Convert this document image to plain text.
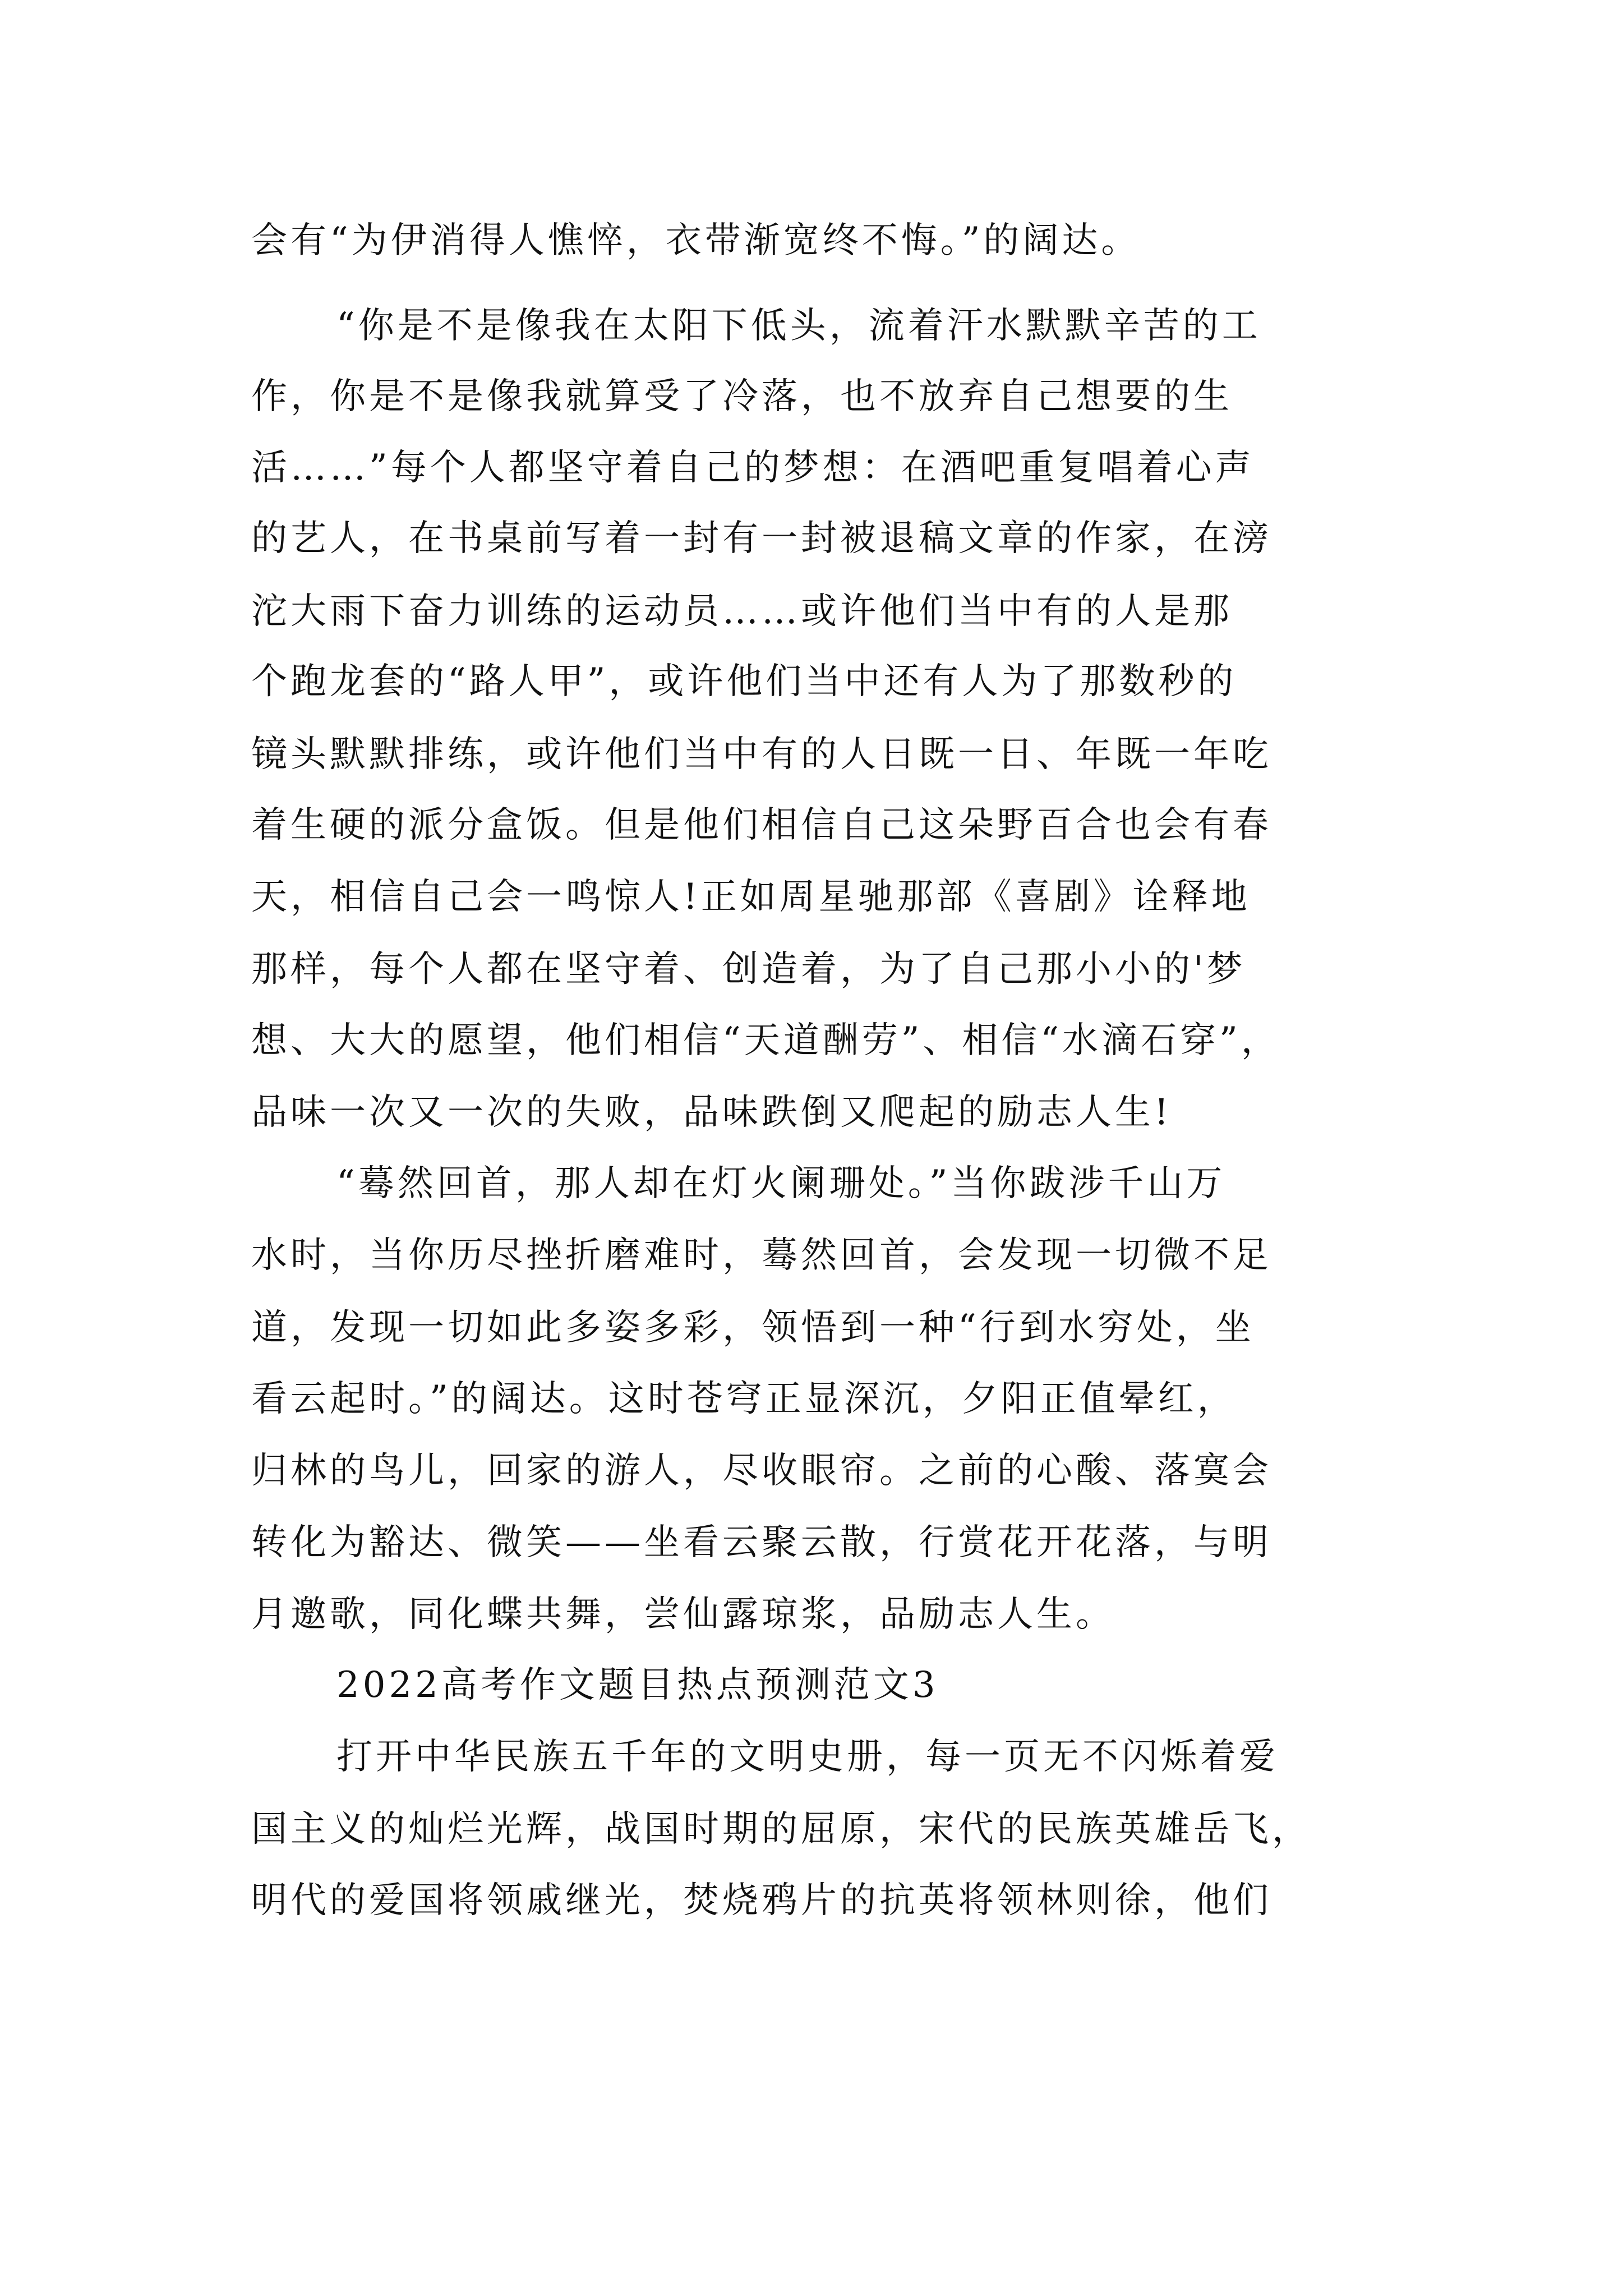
会有“为伊消得人憔悴，衣带渐宽终不悔。”的阔达。
“你是不是像我在太阳下低头，流着汗水默默辛苦的工
作，你是不是像我就算受了冷落，也不放弃自己想要的生
活……”每个人都坚守着自己的梦想：在酒吧重复唱着心声
的艺人，在书桌前写着一封有一封被退稿文章的作家，在滂
沱大雨下奋力训练的运动员……或许他们当中有的人是那
个跑龙套的“路人甲”，或许他们当中还有人为了那数秒的
镜头默默排练，或许他们当中有的人日既一日、年既一年吃
着生硬的派分盒饭。但是他们相信自己这朵野百合也会有春
天，相信自己会一鸣惊人!正如周星驰那部《喜剧》诠释地
那样，每个人都在坚守着、创造着，为了自己那小小的'梦
想、大大的愿望，他们相信“天道酬劳”、相信“水滴石穿”，
品味一次又一次的失败，品味跌倒又爬起的励志人生!
“蓦然回首，那人却在灯火阑珊处。”当你跋涉千山万
水时，当你历尽挫折磨难时，蓦然回首，会发现一切微不足
道，发现一切如此多姿多彩，领悟到一种“行到水穷处，坐
看云起时。”的阔达。这时苍穹正显深沉，夕阳正值晕红，
归林的鸟儿，回家的游人，尽收眼帘。之前的心酸、落寞会
转化为豁达、微笑——坐看云聚云散，行赏花开花落，与明
月邀歌，同化蝶共舞，尝仙露琼浆，品励志人生。
2022高考作文题目热点预测范文3
打开中华民族五千年的文明史册，每一页无不闪烁着爱
国主义的灿烂光辉，战国时期的屈原，宋代的民族英雄岳飞，
明代的爱国将领戚继光，焚烧鸦片的抗英将领林则徐，他们
